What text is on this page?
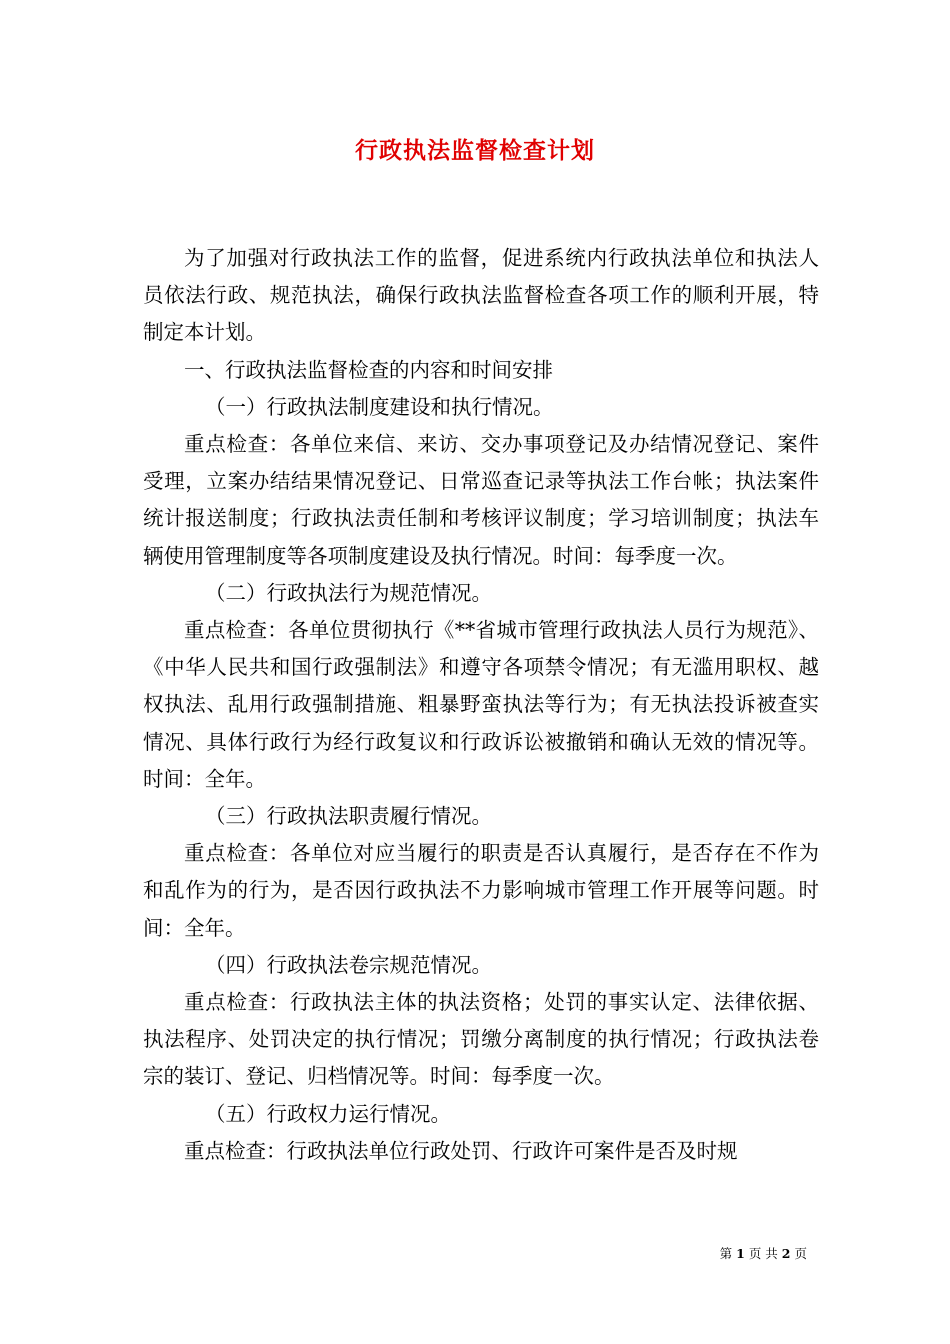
行政执法监督检查计划

为了加强对行政执法工作的监督，促进系统内行政执法单位和执法人员依法行政、规范执法，确保行政执法监督检查各项工作的顺利开展，特制定本计划。

一、行政执法监督检查的内容和时间安排

（一）行政执法制度建设和执行情况。

重点检查：各单位来信、来访、交办事项登记及办结情况登记、案件受理，立案办结结果情况登记、日常巡查记录等执法工作台帐；执法案件统计报送制度；行政执法责任制和考核评议制度；学习培训制度；执法车辆使用管理制度等各项制度建设及执行情况。时间：每季度一次。

（二）行政执法行为规范情况。

重点检查：各单位贯彻执行《**省城市管理行政执法人员行为规范》、《中华人民共和国行政强制法》和遵守各项禁令情况；有无滥用职权、越权执法、乱用行政强制措施、粗暴野蛮执法等行为；有无执法投诉被查实情况、具体行政行为经行政复议和行政诉讼被撤销和确认无效的情况等。时间：全年。

（三）行政执法职责履行情况。

重点检查：各单位对应当履行的职责是否认真履行，是否存在不作为和乱作为的行为，是否因行政执法不力影响城市管理工作开展等问题。时间：全年。

（四）行政执法卷宗规范情况。

重点检查：行政执法主体的执法资格；处罚的事实认定、法律依据、执法程序、处罚决定的执行情况；罚缴分离制度的执行情况；行政执法卷宗的装订、登记、归档情况等。时间：每季度一次。

（五）行政权力运行情况。

重点检查：行政执法单位行政处罚、行政许可案件是否及时规

第 1 页 共 2 页
